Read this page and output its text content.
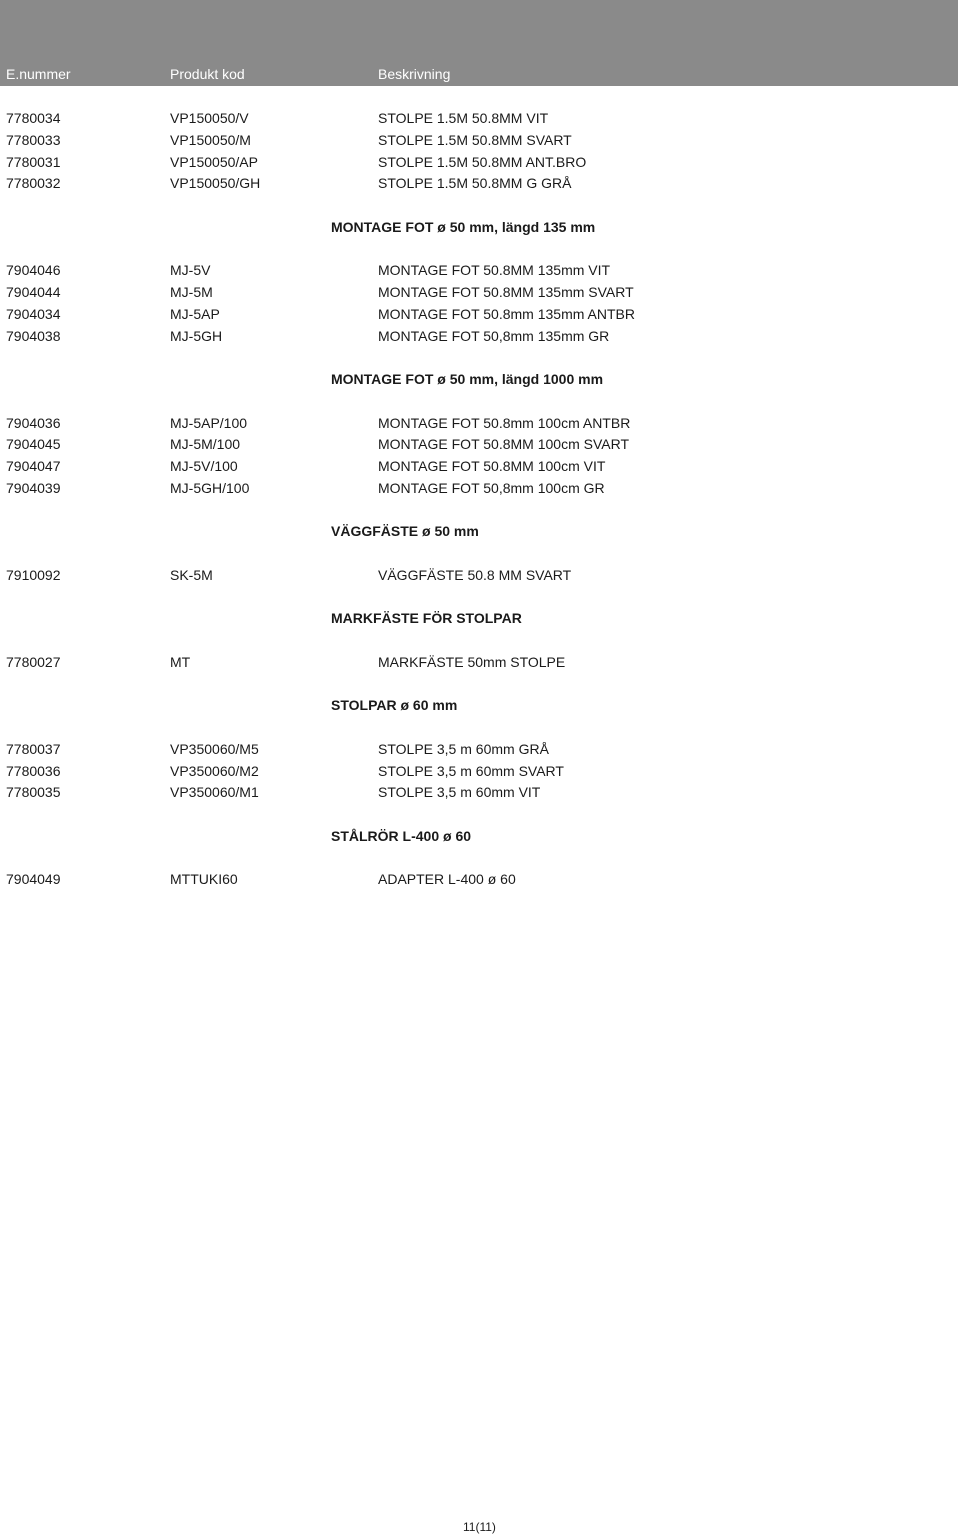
E.nummer	Produkt kod	Beskrivning
7780034	VP150050/V	STOLPE 1.5M 50.8MM VIT
7780033	VP150050/M	STOLPE 1.5M 50.8MM SVART
7780031	VP150050/AP	STOLPE 1.5M 50.8MM ANT.BRO
7780032	VP150050/GH	STOLPE 1.5M 50.8MM G GRÅ
MONTAGE FOT ø 50 mm, längd 135 mm
7904046	MJ-5V	MONTAGE FOT 50.8MM 135mm VIT
7904044	MJ-5M	MONTAGE FOT 50.8MM 135mm SVART
7904034	MJ-5AP	MONTAGE FOT 50.8mm 135mm ANTBR
7904038	MJ-5GH	MONTAGE FOT 50,8mm 135mm GR
MONTAGE FOT ø 50 mm, längd 1000 mm
7904036	MJ-5AP/100	MONTAGE FOT 50.8mm 100cm ANTBR
7904045	MJ-5M/100	MONTAGE FOT 50.8MM 100cm SVART
7904047	MJ-5V/100	MONTAGE FOT 50.8MM 100cm VIT
7904039	MJ-5GH/100	MONTAGE FOT 50,8mm 100cm GR
VÄGGFÄSTE ø 50 mm
7910092	SK-5M	VÄGGFÄSTE 50.8 MM SVART
MARKFÄSTE FÖR STOLPAR
7780027	MT	MARKFÄSTE 50mm STOLPE
STOLPAR ø 60 mm
7780037	VP350060/M5	STOLPE 3,5 m 60mm GRÅ
7780036	VP350060/M2	STOLPE 3,5 m 60mm SVART
7780035	VP350060/M1	STOLPE 3,5 m 60mm VIT
STÅLRÖR L-400 ø 60
7904049	MTTUKI60	ADAPTER L-400 ø 60
11(11)
